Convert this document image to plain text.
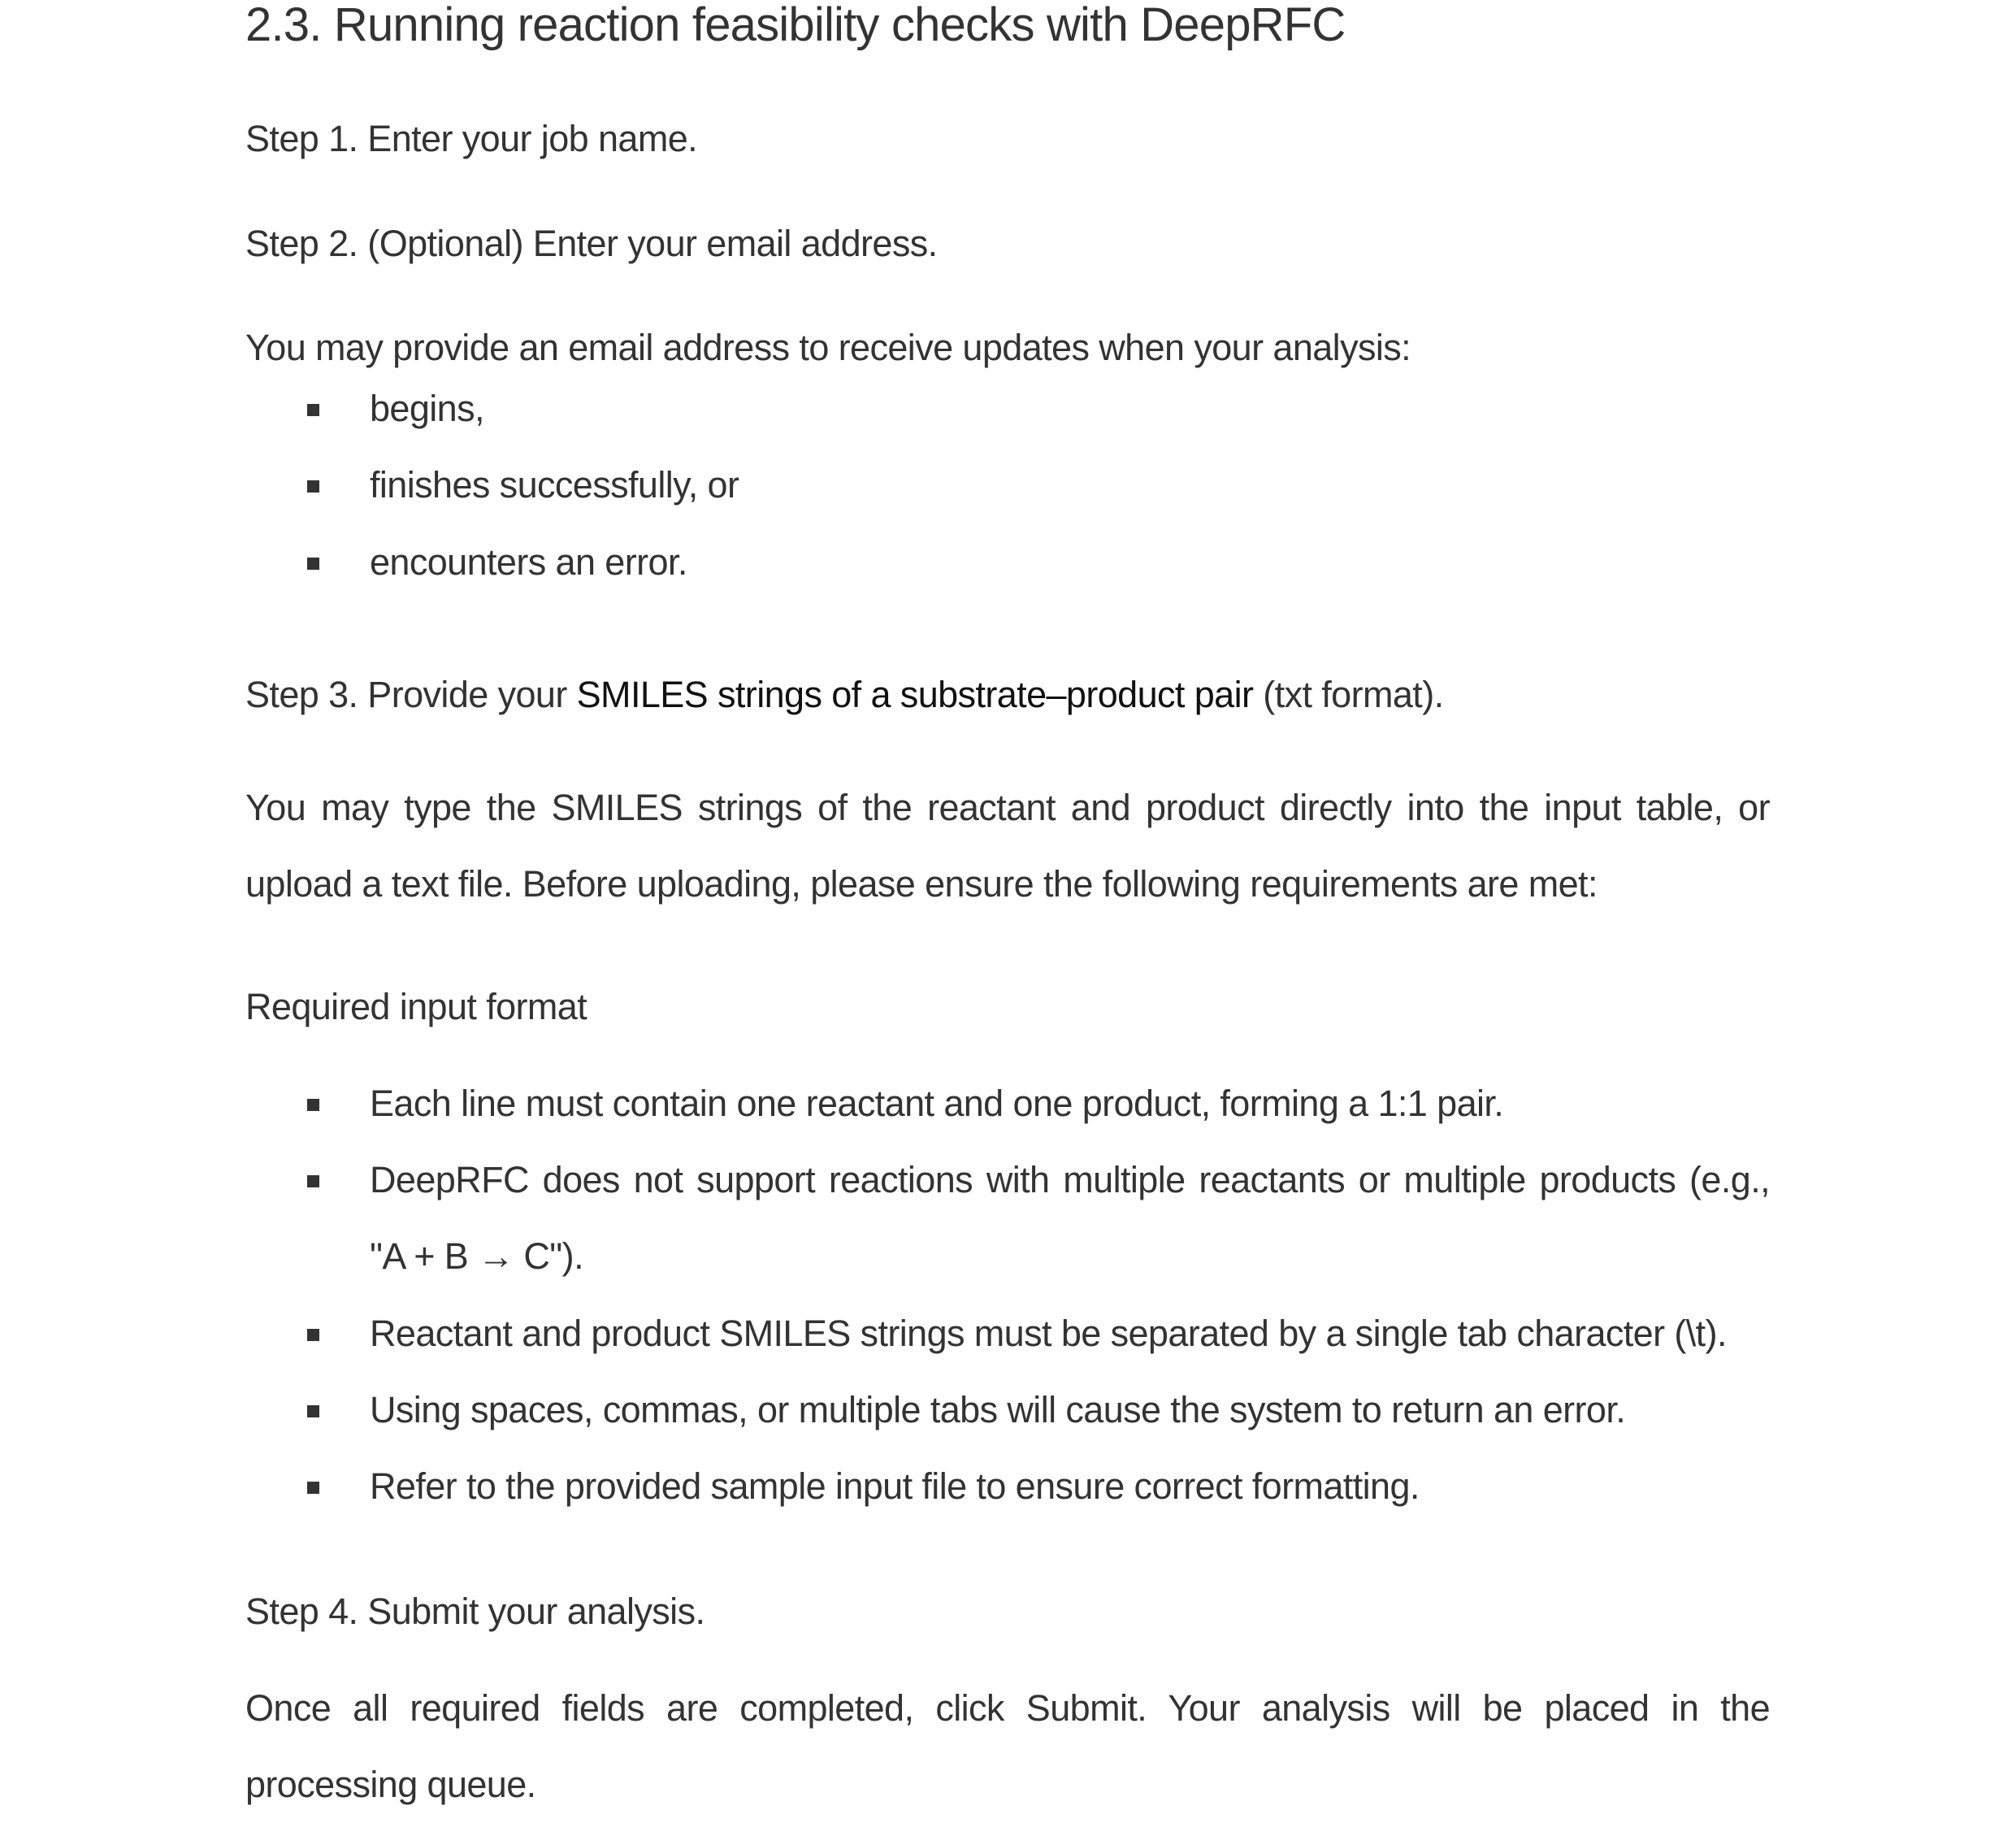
2.3. Running reaction feasibility checks with DeepRFC
Step 1. Enter your job name.
Step 2. (Optional) Enter your email address.
You may provide an email address to receive updates when your analysis:
begins,
finishes successfully, or
encounters an error.
Step 3. Provide your SMILES strings of a substrate–product pair (txt format).
You may type the SMILES strings of the reactant and product directly into the input table, or upload a text file. Before uploading, please ensure the following requirements are met:
Required input format
Each line must contain one reactant and one product, forming a 1:1 pair.
DeepRFC does not support reactions with multiple reactants or multiple products (e.g., "A + B → C").
Reactant and product SMILES strings must be separated by a single tab character (\t).
Using spaces, commas, or multiple tabs will cause the system to return an error.
Refer to the provided sample input file to ensure correct formatting.
Step 4. Submit your analysis.
Once all required fields are completed, click Submit. Your analysis will be placed in the processing queue.
